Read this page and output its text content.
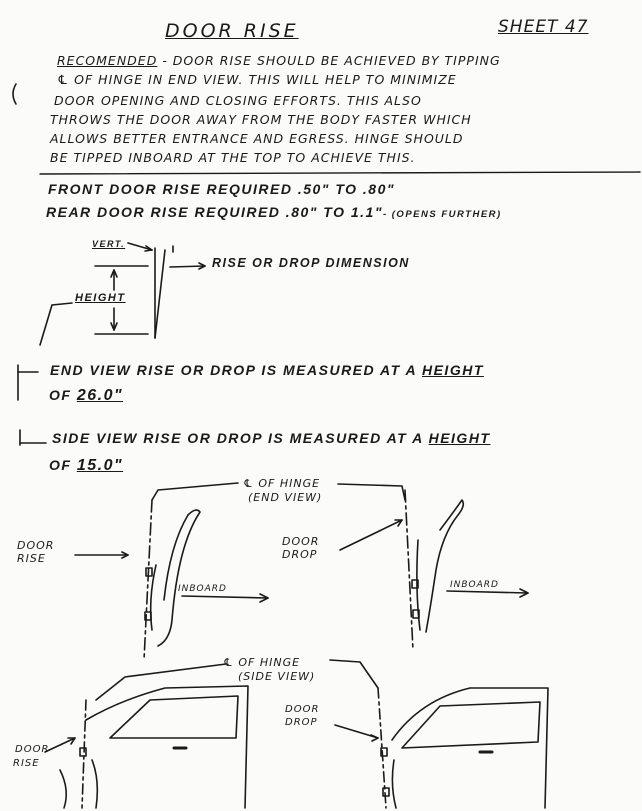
DOOR RISE	SHEET 47
RECOMENDED - DOOR RISE SHOULD BE ACHIEVED BY TIPPING
℄ OF HINGE IN END VIEW. THIS WILL HELP TO MINIMIZE
DOOR OPENING AND CLOSING EFFORTS. THIS ALSO
THROWS THE DOOR AWAY FROM THE BODY FASTER WHICH
ALLOWS BETTER ENTRANCE AND EGRESS. HINGE SHOULD
BE TIPPED INBOARD AT THE TOP TO ACHIEVE THIS.
FRONT DOOR RISE REQUIRED .50" TO .80"
REAR DOOR RISE REQUIRED .80" TO 1.1"- (OPENS FURTHER)
VERT.
HEIGHT
RISE OR DROP DIMENSION
END VIEW RISE OR DROP IS MEASURED AT A HEIGHT
OF 26.0"
SIDE VIEW RISE OR DROP IS MEASURED AT A HEIGHT
OF 15.0"
℄ OF HINGE
(END VIEW)
DOOR
RISE
DOOR
DROP
INBOARD	INBOARD
℄ OF HINGE
(SIDE VIEW)
DOOR
DROP
DOOR
RISE
